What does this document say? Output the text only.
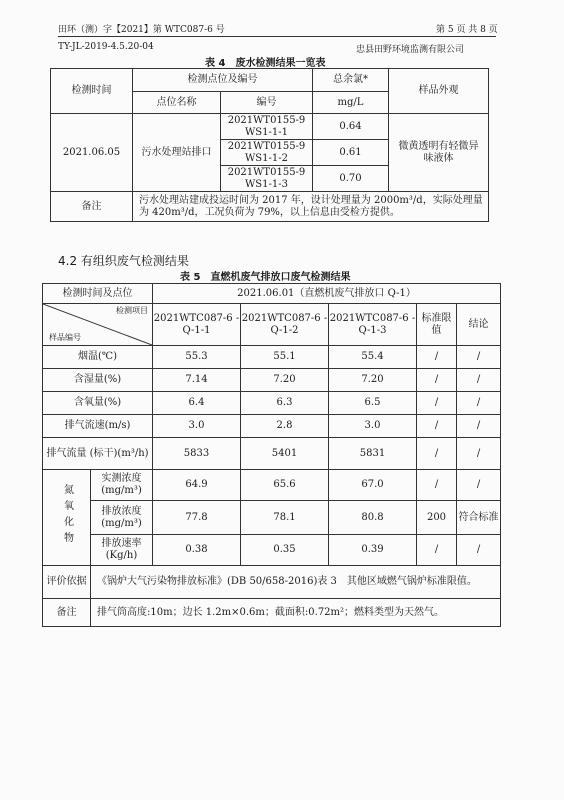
田环（测）字【2021】第 WTC087-6 号	第 5 页 共 8 页
TY-JL-2019-4.5.20-04	忠县田野环境监测有限公司
表 4　废水检测结果一览表
检测时间	检测点位及编号		总余氯*	样品外观
	点位名称	编号	mg/L	
2021.06.05	污水处理站排口	2021WT0155-9 WS1-1-1	0.64	微黄透明有轻微异味液体
		2021WT0155-9 WS1-1-2	0.61	
		2021WT0155-9 WS1-1-3	0.70	
备注	污水处理站建成投运时间为 2017 年，设计处理量为 2000m³/d，实际处理量为 420m³/d，工况负荷为 79%，以上信息由受检方提供。			
4.2 有组织废气检测结果
表 5　直燃机废气排放口废气检测结果
检测时间及点位		2021.06.01（直燃机废气排放口 Q-1）				

检测项目
样品编号		2021WTC087-6 -Q-1-1	2021WTC087-6 -Q-1-2	2021WTC087-6 -Q-1-3	标准限值	结论
烟温(℃)		55.3	55.1	55.4	/	/
含湿量(%)		7.14	7.20	7.20	/	/
含氧量(%)		6.4	6.3	6.5	/	/
排气流速(m/s)		3.0	2.8	3.0	/	/
排气流量 (标干)(m³/h)		5833	5401	5831	/	/
氮氧化物	实测浓度 (mg/m³)	64.9	65.6	67.0	/	/
	排放浓度 (mg/m³)	77.8	78.1	80.8	200	符合标准
	排放速率 (Kg/h)	0.38	0.35	0.39	/	/
评价依据	《锅炉大气污染物排放标准》(DB 50/658-2016)表 3　其他区域燃气锅炉标准限值。					
备注	排气筒高度:10m；边长 1.2m×0.6m；截面积:0.72m²；燃料类型为天然气。					
